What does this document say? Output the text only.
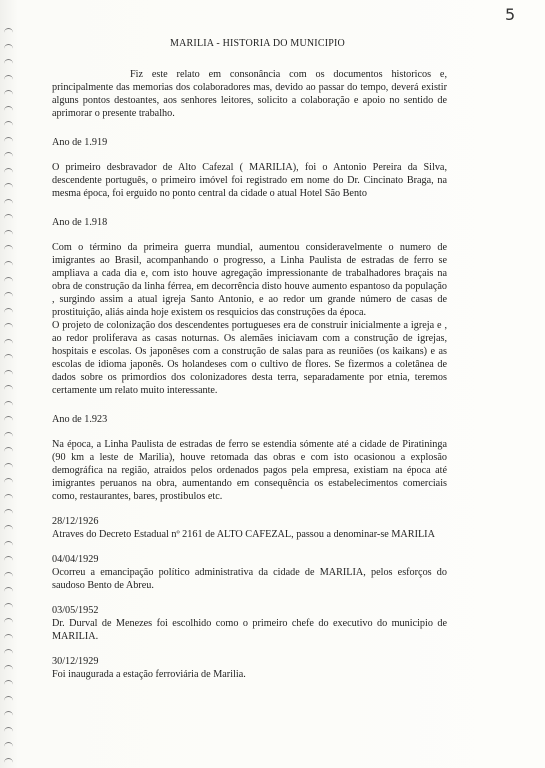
5
MARILIA - HISTORIA DO MUNICIPIO

Fiz este relato em consonância com os documentos historicos e, principalmente das memorias dos colaboradores mas, devido ao passar do tempo, deverá existir alguns pontos destoantes, aos senhores leitores, solicito a colaboração e apoio no sentido de aprimorar o presente trabalho.

Ano de 1.919

O primeiro desbravador de Alto Cafezal ( MARILIA), foi o Antonio Pereira da Silva, descendente português, o primeiro imóvel foi registrado em nome do Dr. Cincinato Braga, na mesma época, foi erguido no ponto central da cidade o atual Hotel São Bento

Ano de 1.918

Com o término da primeira guerra mundial, aumentou consideravelmente o numero de imigrantes ao Brasil, acompanhando o progresso, a Linha Paulista de estradas de ferro se ampliava a cada dia e, com isto houve agregação impressionante de trabalhadores braçais na obra de construção da linha férrea, em decorrência disto houve aumento espantoso da população , surgindo assim a atual igreja Santo Antonio, e ao redor um grande número de casas de prostituição, aliás ainda hoje existem os resquicios das construções da época.

O projeto de colonização dos descendentes portugueses era de construir inicialmente a igreja e , ao redor proliferava as casas noturnas. Os alemães iniciavam com a construção de igrejas, hospitais e escolas. Os japonêses com a construção de salas para as reuniões (os kaikans) e as escolas de idioma japonês. Os holandeses com o cultivo de flores. Se fizermos a coletânea de dados sobre os primordios dos colonizadores desta terra, separadamente por etnia, teremos certamente um relato muito interessante.

Ano de 1.923

Na época, a Linha Paulista de estradas de ferro se estendia sómente até a cidade de Piratininga (90 km a leste de Marilia), houve retomada das obras e com isto ocasionou a explosão demográfica na região, atraidos pelos ordenados pagos pela empresa, existiam na época até imigrantes peruanos na obra, aumentando em consequência os estabelecimentos comerciais como, restaurantes, bares, prostibulos etc.

28/12/1926

Atraves do Decreto Estadual nº 2161 de ALTO CAFEZAL, passou a denominar-se MARILIA

04/04/1929

Ocorreu a emancipação político administrativa da cidade de MARILIA, pelos esforços do saudoso Bento de Abreu.

03/05/1952

Dr. Durval de Menezes foi escolhido como o primeiro chefe do executivo do municipio de MARILIA.

30/12/1929

Foi inaugurada a estação ferroviária de Marilia.
